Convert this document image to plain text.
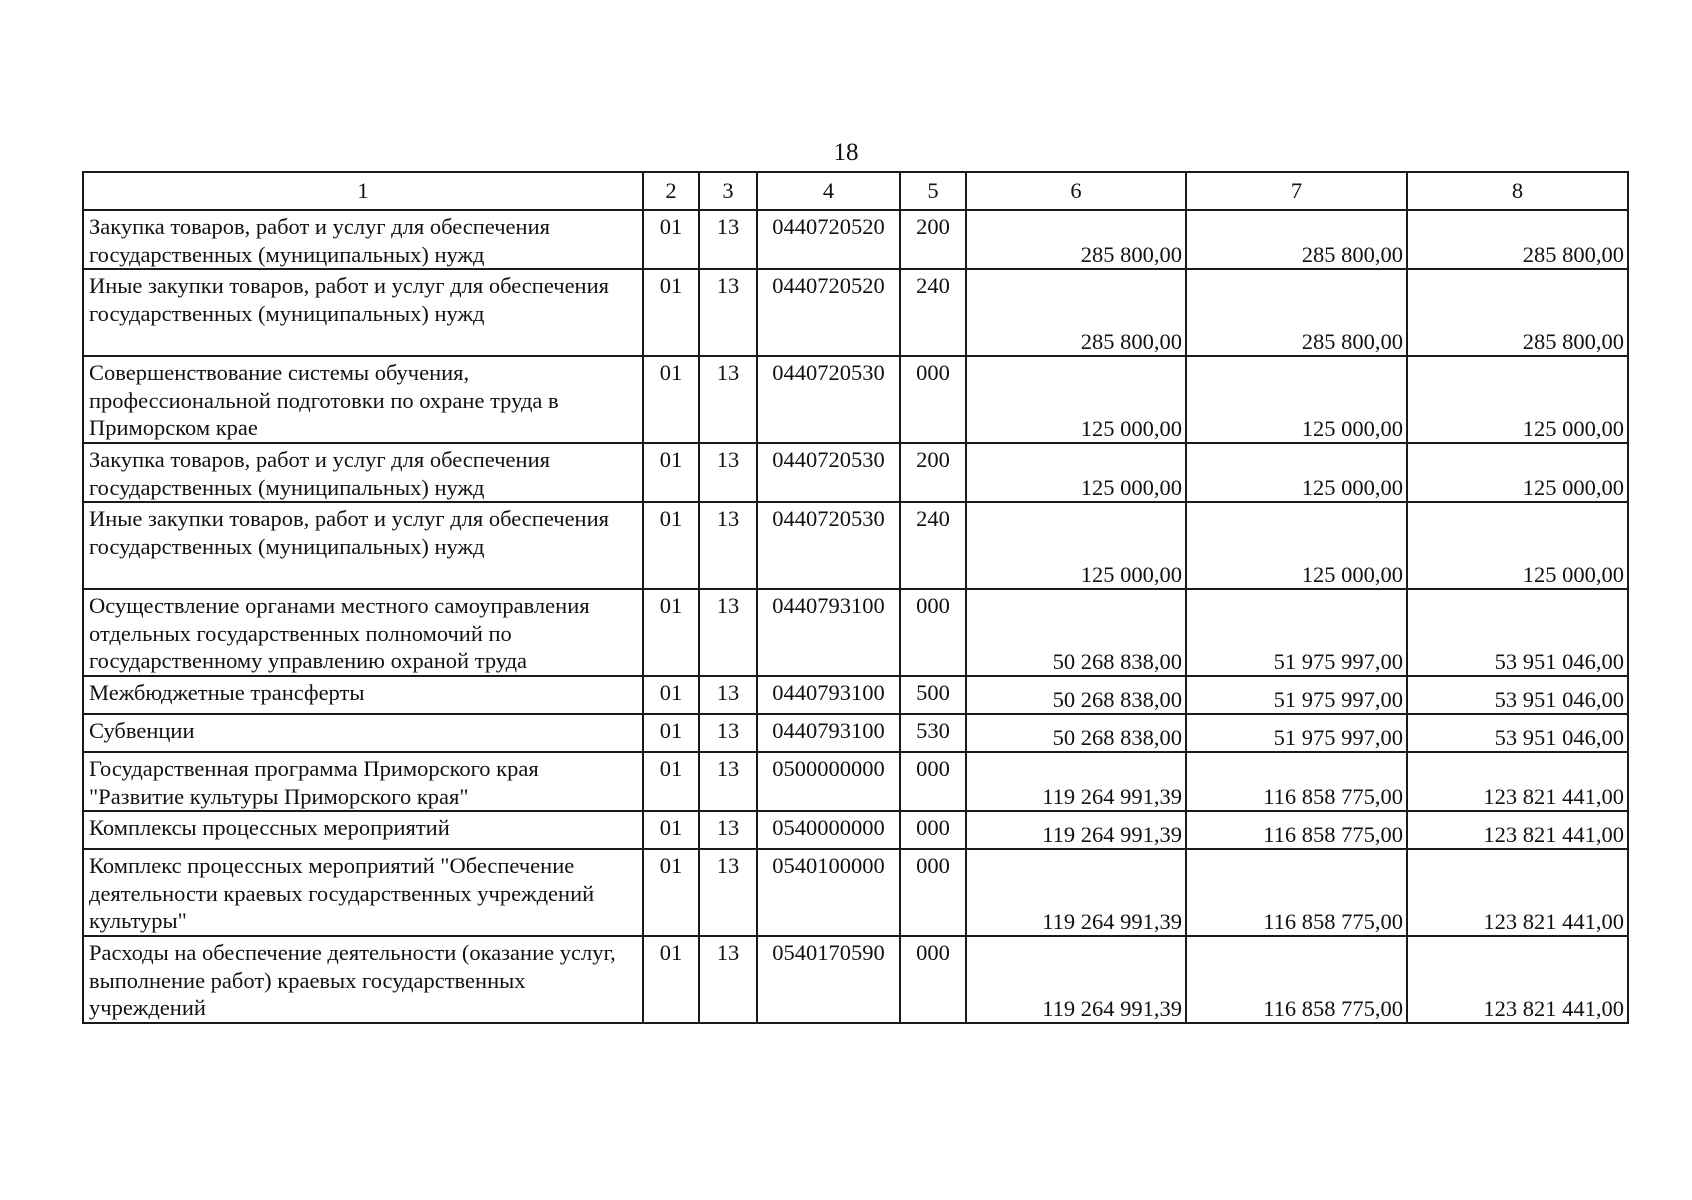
18
1	2	3	4	5	6	7	8
Закупка товаров, работ и услуг для обеспечения государственных (муниципальных) нужд	01	13	0440720520	200	285 800,00	285 800,00	285 800,00
Иные закупки товаров, работ и услуг для обеспечения государственных (муниципальных) нужд	01	13	0440720520	240	285 800,00	285 800,00	285 800,00
Совершенствование системы обучения, профессиональной подготовки по охране труда в Приморском крае	01	13	0440720530	000	125 000,00	125 000,00	125 000,00
Закупка товаров, работ и услуг для обеспечения государственных (муниципальных) нужд	01	13	0440720530	200	125 000,00	125 000,00	125 000,00
Иные закупки товаров, работ и услуг для обеспечения государственных (муниципальных) нужд	01	13	0440720530	240	125 000,00	125 000,00	125 000,00
Осуществление органами местного самоуправления отдельных государственных полномочий по государственному управлению охраной труда	01	13	0440793100	000	50 268 838,00	51 975 997,00	53 951 046,00
Межбюджетные трансферты	01	13	0440793100	500	50 268 838,00	51 975 997,00	53 951 046,00
Субвенции	01	13	0440793100	530	50 268 838,00	51 975 997,00	53 951 046,00
Государственная программа Приморского края "Развитие культуры Приморского края"	01	13	0500000000	000	119 264 991,39	116 858 775,00	123 821 441,00
Комплексы процессных мероприятий	01	13	0540000000	000	119 264 991,39	116 858 775,00	123 821 441,00
Комплекс процессных мероприятий "Обеспечение деятельности краевых государственных учреждений культуры"	01	13	0540100000	000	119 264 991,39	116 858 775,00	123 821 441,00
Расходы на обеспечение деятельности (оказание услуг, выполнение работ) краевых государственных учреждений	01	13	0540170590	000	119 264 991,39	116 858 775,00	123 821 441,00
